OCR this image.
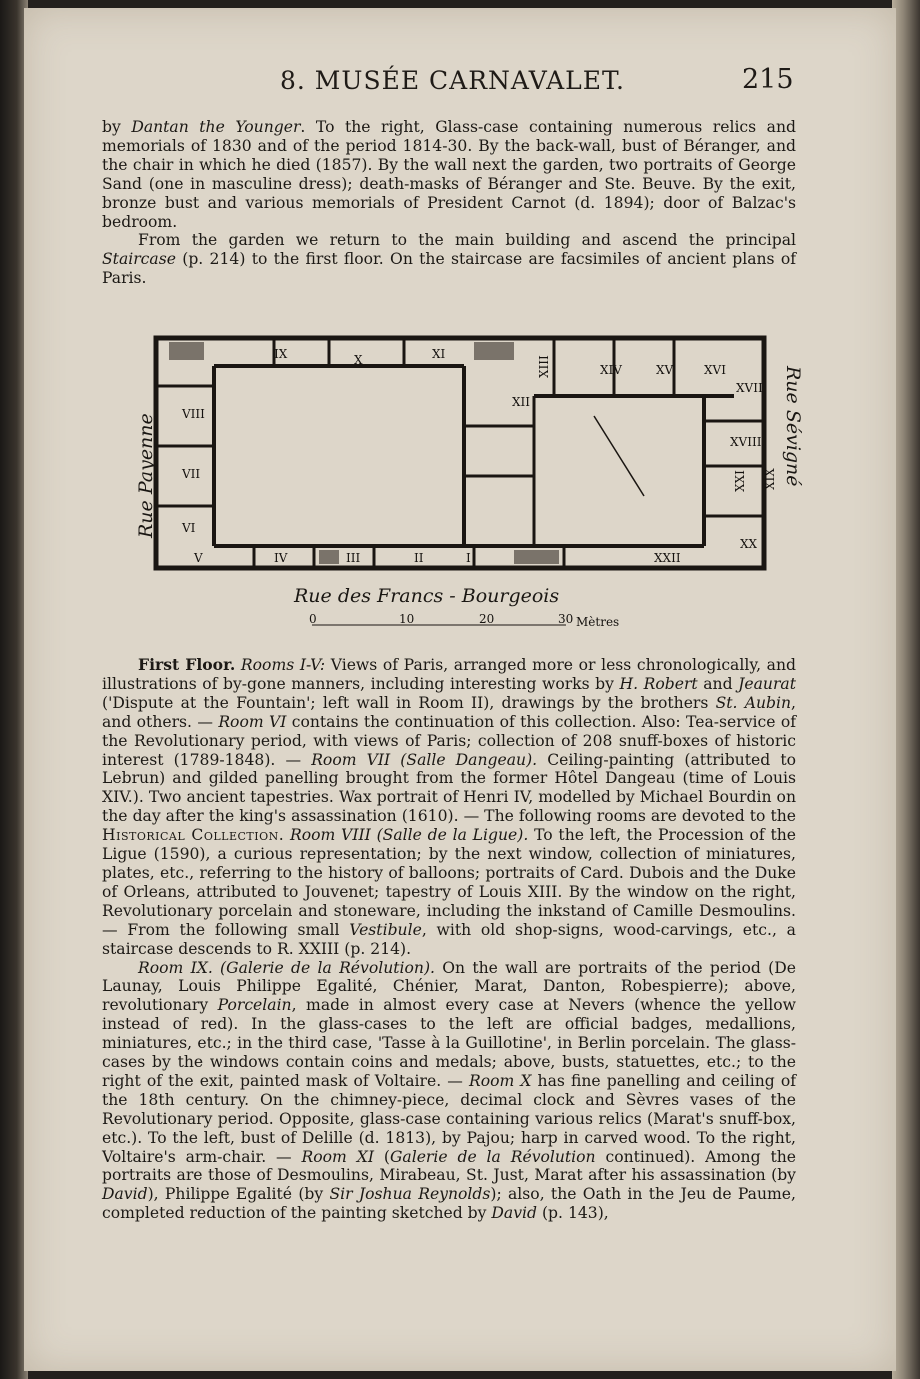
8. MUSÉE CARNAVALET.	215

by Dantan the Younger. To the right, Glass-case containing numerous relics and memorials of 1830 and of the period 1814-30. By the back-wall, bust of Béranger, and the chair in which he died (1857). By the wall next the garden, two portraits of George Sand (one in masculine dress); death-masks of Béranger and Ste. Beuve. By the exit, bronze bust and various memorials of President Carnot (d. 1894); door of Balzac's bedroom.

From the garden we return to the main building and ascend the principal Staircase (p. 214) to the first floor. On the staircase are facsimiles of ancient plans of Paris.

I
II
III
IV
V
VI
VII
VIII
IX	X	XI
XII
XIII	XIV	XV	XVI
XVII
XVIII
XIX
XX
XXI
XXII
Rue Payenne	Rue Sévigné
Rue des Francs - Bourgeois
0	10	20	30 Mètres

First Floor. Rooms I-V: Views of Paris, arranged more or less chronologically, and illustrations of by-gone manners, including interesting works by H. Robert and Jeaurat ('Dispute at the Fountain'; left wall in Room II), drawings by the brothers St. Aubin, and others. — Room VI contains the continuation of this collection. Also: Tea-service of the Revolutionary period, with views of Paris; collection of 208 snuff-boxes of historic interest (1789-1848). — Room VII (Salle Dangeau). Ceiling-painting (attributed to Lebrun) and gilded panelling brought from the former Hôtel Dangeau (time of Louis XIV.). Two ancient tapestries. Wax portrait of Henri IV, modelled by Michael Bourdin on the day after the king's assassination (1610). — The following rooms are devoted to the Historical Collection. Room VIII (Salle de la Ligue). To the left, the Procession of the Ligue (1590), a curious representation; by the next window, collection of miniatures, plates, etc., referring to the history of balloons; portraits of Card. Dubois and the Duke of Orleans, attributed to Jouvenet; tapestry of Louis XIII. By the window on the right, Revolutionary porcelain and stoneware, including the inkstand of Camille Desmoulins. — From the following small Vestibule, with old shop-signs, wood-carvings, etc., a staircase descends to R. XXIII (p. 214).

Room IX. (Galerie de la Révolution). On the wall are portraits of the period (De Launay, Louis Philippe Egalité, Chénier, Marat, Danton, Robespierre); above, revolutionary Porcelain, made in almost every case at Nevers (whence the yellow instead of red). In the glass-cases to the left are official badges, medallions, miniatures, etc.; in the third case, 'Tasse à la Guillotine', in Berlin porcelain. The glass-cases by the windows contain coins and medals; above, busts, statuettes, etc.; to the right of the exit, painted mask of Voltaire. — Room X has fine panelling and ceiling of the 18th century. On the chimney-piece, decimal clock and Sèvres vases of the Revolutionary period. Opposite, glass-case containing various relics (Marat's snuff-box, etc.). To the left, bust of Delille (d. 1813), by Pajou; harp in carved wood. To the right, Voltaire's arm-chair. — Room XI (Galerie de la Révolution continued). Among the portraits are those of Desmoulins, Mirabeau, St. Just, Marat after his assassination (by David), Philippe Egalité (by Sir Joshua Reynolds); also, the Oath in the Jeu de Paume, completed reduction of the painting sketched by David (p. 143),
